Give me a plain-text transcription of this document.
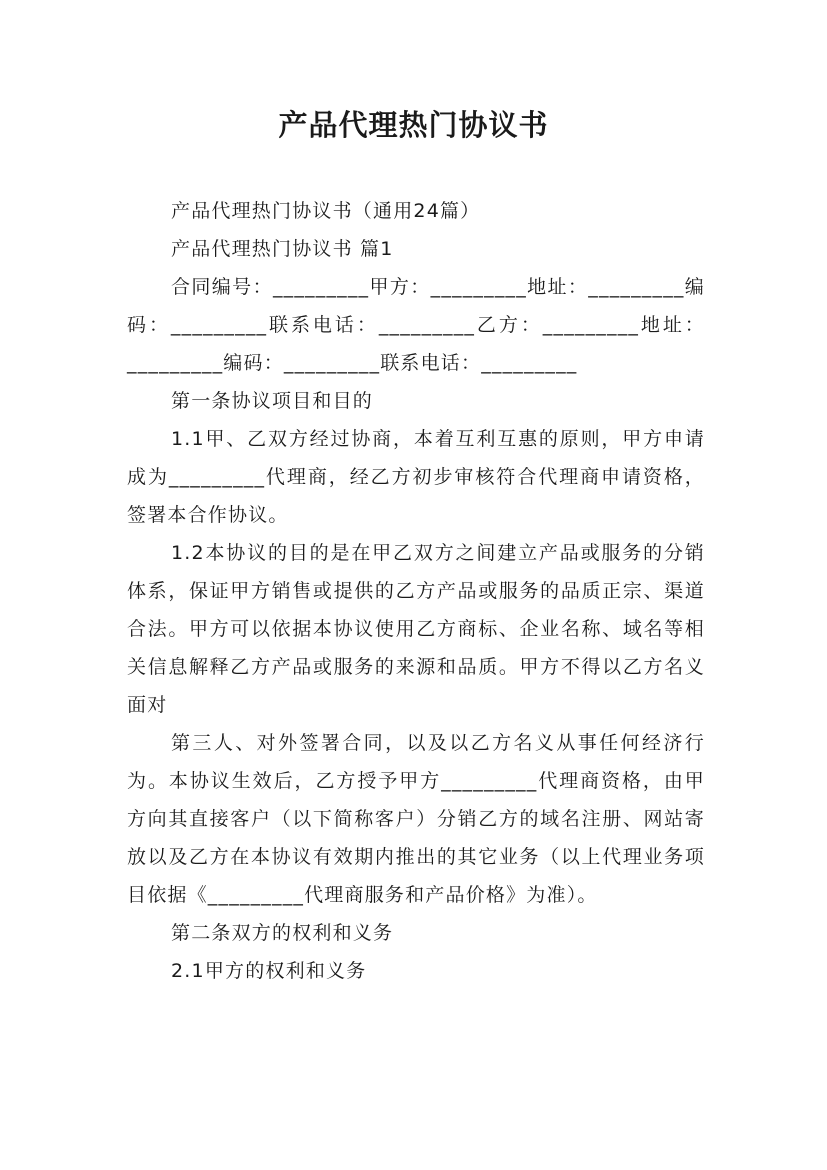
产品代理热门协议书

产品代理热门协议书（通用24篇）

产品代理热门协议书 篇1

合同编号：_________甲方：_________地址：_________编码：_________联系电话：_________乙方：_________地址：_________编码：_________联系电话：_________

第一条协议项目和目的

1.1甲、乙双方经过协商，本着互利互惠的原则，甲方申请成为_________代理商，经乙方初步审核符合代理商申请资格，签署本合作协议。

1.2本协议的目的是在甲乙双方之间建立产品或服务的分销体系，保证甲方销售或提供的乙方产品或服务的品质正宗、渠道合法。甲方可以依据本协议使用乙方商标、企业名称、域名等相关信息解释乙方产品或服务的来源和品质。甲方不得以乙方名义面对

第三人、对外签署合同，以及以乙方名义从事任何经济行为。本协议生效后，乙方授予甲方_________代理商资格，由甲方向其直接客户（以下简称客户）分销乙方的域名注册、网站寄放以及乙方在本协议有效期内推出的其它业务（以上代理业务项目依据《_________代理商服务和产品价格》为准）。

第二条双方的权利和义务

2.1甲方的权利和义务
